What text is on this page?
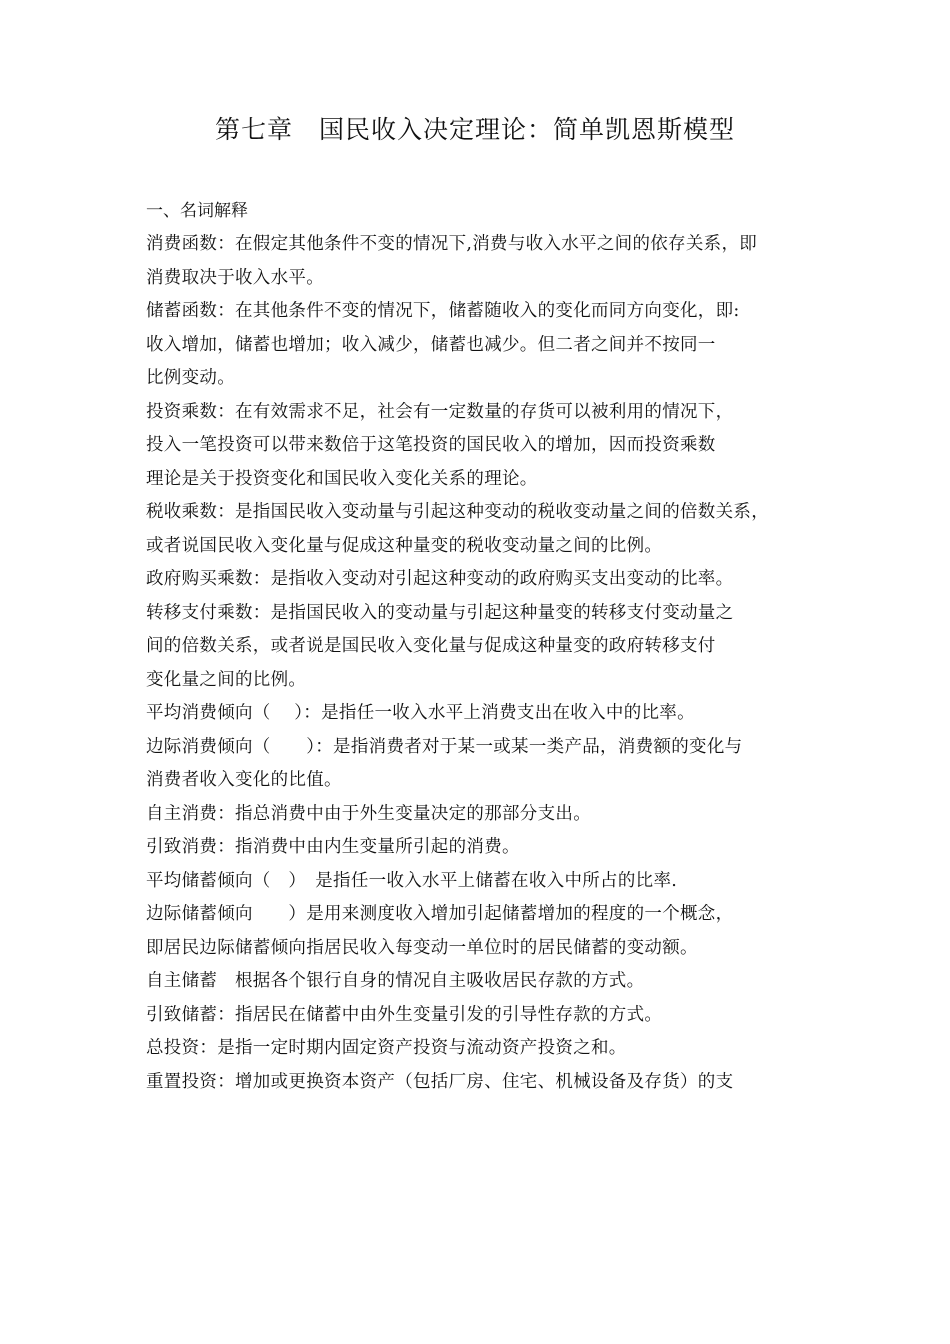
第七章　国民收入决定理论：简单凯恩斯模型
一、名词解释
消费函数：在假定其他条件不变的情况下,消费与收入水平之间的依存关系，即
消费取决于收入水平。
储蓄函数：在其他条件不变的情况下，储蓄随收入的变化而同方向变化，即:
收入增加，储蓄也增加；收入减少，储蓄也减少。但二者之间并不按同一
比例变动。
投资乘数：在有效需求不足，社会有一定数量的存货可以被利用的情况下，
投入一笔投资可以带来数倍于这笔投资的国民收入的增加，因而投资乘数
理论是关于投资变化和国民收入变化关系的理论。
税收乘数：是指国民收入变动量与引起这种变动的税收变动量之间的倍数关系，
或者说国民收入变化量与促成这种量变的税收变动量之间的比例。
政府购买乘数：是指收入变动对引起这种变动的政府购买支出变动的比率。
转移支付乘数：是指国民收入的变动量与引起这种量变的转移支付变动量之
间的倍数关系，或者说是国民收入变化量与促成这种量变的政府转移支付
变化量之间的比例。
平均消费倾向（　 ）：是指任一收入水平上消费支出在收入中的比率。
边际消费倾向（　　）：是指消费者对于某一或某一类产品，消费额的变化与
消费者收入变化的比值。
自主消费：指总消费中由于外生变量决定的那部分支出。
引致消费：指消费中由内生变量所引起的消费。
平均储蓄倾向（　）　是指任一收入水平上储蓄在收入中所占的比率.
边际储蓄倾向　　）是用来测度收入增加引起储蓄增加的程度的一个概念，
即居民边际储蓄倾向指居民收入每变动一单位时的居民储蓄的变动额。
自主储蓄　根据各个银行自身的情况自主吸收居民存款的方式。
引致储蓄：指居民在储蓄中由外生变量引发的引导性存款的方式。
总投资：是指一定时期内固定资产投资与流动资产投资之和。
重置投资：增加或更换资本资产（包括厂房、住宅、机械设备及存货）的支
